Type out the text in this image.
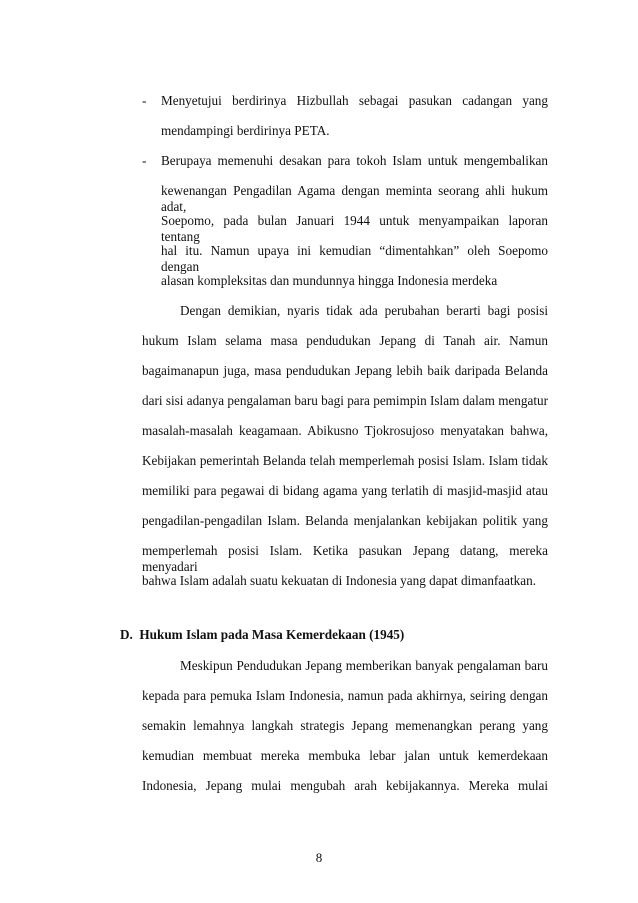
- Menyetujui berdirinya Hizbullah sebagai pasukan cadangan yang
mendampingi berdirinya PETA.
- Berupaya memenuhi desakan para tokoh Islam untuk mengembalikan
kewenangan Pengadilan Agama dengan meminta seorang ahli hukum adat,
Soepomo, pada bulan Januari 1944 untuk menyampaikan laporan tentang
hal itu. Namun upaya ini kemudian “dimentahkan” oleh Soepomo dengan
alasan kompleksitas dan mundunnya hingga Indonesia merdeka
Dengan demikian, nyaris tidak ada perubahan berarti bagi posisi
hukum Islam selama masa pendudukan Jepang di Tanah air. Namun
bagaimanapun juga, masa pendudukan Jepang lebih baik daripada Belanda
dari sisi adanya pengalaman baru bagi para pemimpin Islam dalam mengatur
masalah-masalah keagamaan. Abikusno Tjokrosujoso menyatakan bahwa,
Kebijakan pemerintah Belanda telah memperlemah posisi Islam. Islam tidak
memiliki para pegawai di bidang agama yang terlatih di masjid-masjid atau
pengadilan-pengadilan Islam. Belanda menjalankan kebijakan politik yang
memperlemah posisi Islam. Ketika pasukan Jepang datang, mereka menyadari
bahwa Islam adalah suatu kekuatan di Indonesia yang dapat dimanfaatkan.
D.  Hukum Islam pada Masa Kemerdekaan (1945)
Meskipun Pendudukan Jepang memberikan banyak pengalaman baru
kepada para pemuka Islam Indonesia, namun pada akhirnya, seiring dengan
semakin lemahnya langkah strategis Jepang memenangkan perang yang
kemudian membuat mereka membuka lebar jalan untuk kemerdekaan
Indonesia, Jepang mulai mengubah arah kebijakannya. Mereka mulai
8
